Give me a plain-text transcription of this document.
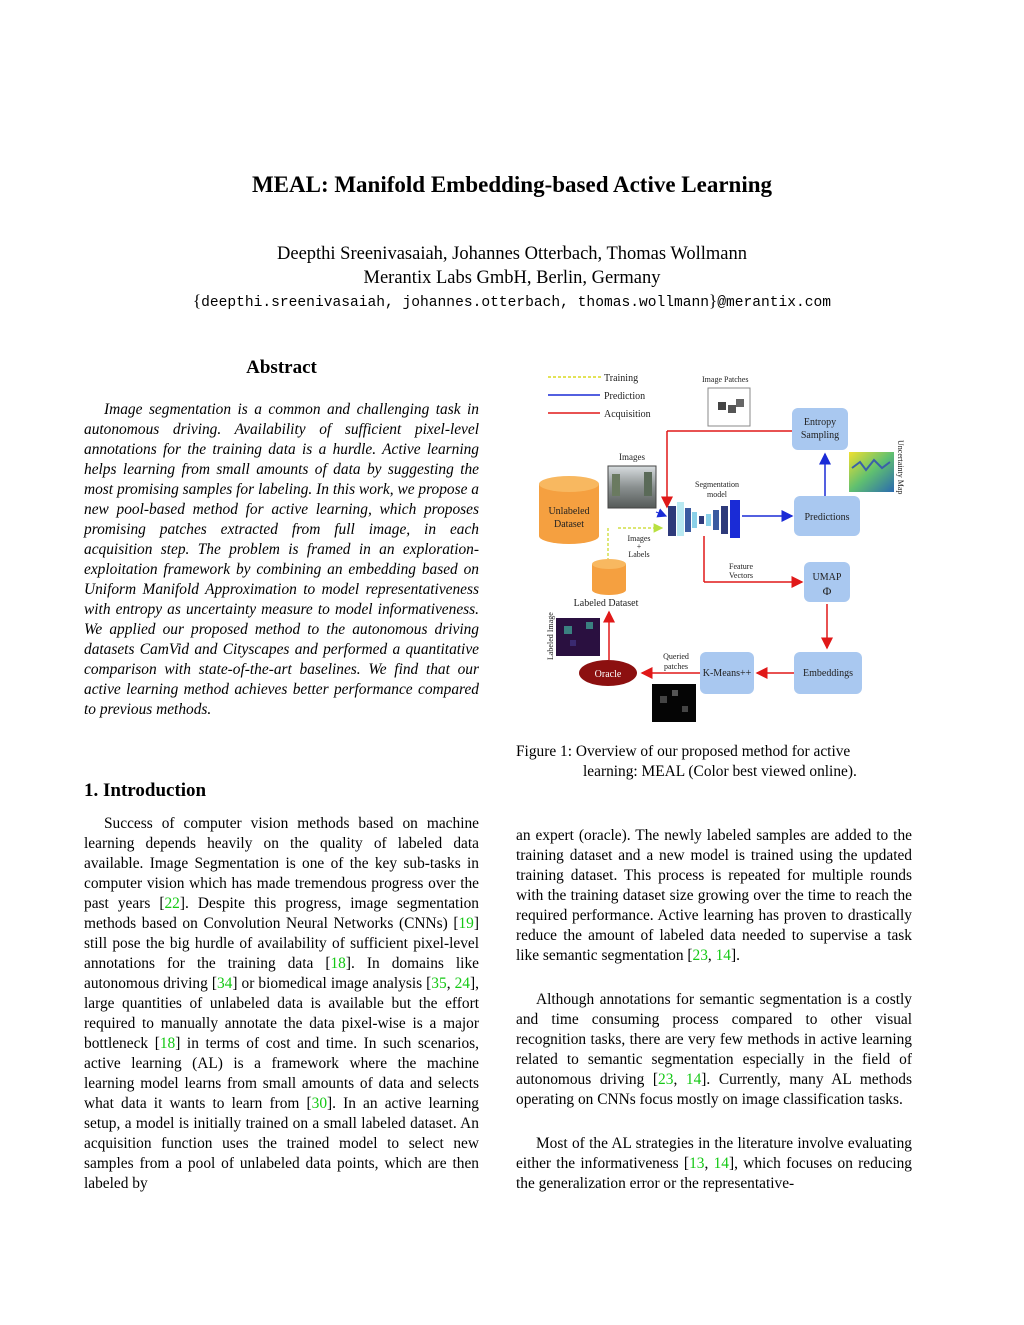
MEAL: Manifold Embedding-based Active Learning
Deepthi Sreenivasaiah, Johannes Otterbach, Thomas Wollmann
Merantix Labs GmbH, Berlin, Germany
{deepthi.sreenivasaiah, johannes.otterbach, thomas.wollmann}@merantix.com
Abstract

Image segmentation is a common and challenging task in autonomous driving. Availability of sufficient pixel-level annotations for the training data is a hurdle. Active learning helps learning from small amounts of data by suggesting the most promising samples for labeling. In this work, we propose a new pool-based method for active learning, which proposes promising patches extracted from full image, in each acquisition step. The problem is framed in an exploration-exploitation framework by combining an embedding based on Uniform Manifold Approximation to model representativeness with entropy as uncertainty measure to model informativeness. We applied our proposed method to the autonomous driving datasets CamVid and Cityscapes and performed a quantitative comparison with state-of-the-art baselines. We find that our active learning method achieves better performance compared to previous methods.

1. Introduction

Success of computer vision methods based on machine learning depends heavily on the quality of labeled data available. Image Segmentation is one of the key sub-tasks in computer vision which has made tremendous progress over the past years [22]. Despite this progress, image segmentation methods based on Convolution Neural Networks (CNNs) [19] still pose the big hurdle of availability of sufficient pixel-level annotations for the training data [18]. In domains like autonomous driving [34] or biomedical image analysis [35, 24], large quantities of unlabeled data is available but the effort required to manually annotate the data pixel-wise is a major bottleneck [18] in terms of cost and time. In such scenarios, active learning (AL) is a framework where the machine learning model learns from small amounts of data and selects what data it wants to learn from [30]. In an active learning setup, a model is initially trained on a small labeled dataset. An acquisition function uses the trained model to select new samples from a pool of unlabeled data points, which are then labeled by

an expert (oracle). The newly labeled samples are added to the training dataset and a new model is trained using the updated training dataset. This process is repeated for multiple rounds with the training dataset size growing over the time to reach the required performance. Active learning has proven to drastically reduce the amount of labeled data needed to supervise a task like semantic segmentation [23, 14].

Although annotations for semantic segmentation is a costly and time consuming process compared to other visual recognition tasks, there are very few methods in active learning related to semantic segmentation especially in the field of autonomous driving [23, 14]. Currently, many AL methods operating on CNNs focus mostly on image classification tasks.

Most of the AL strategies in the literature involve evaluating either the informativeness [13, 14], which focuses on reducing the generalization error or the representative-

Training
Prediction
Acquisition
Image Patches
Entropy
Sampling
Uncertainty Map
Unlabeled
Dataset
Images
Segmentation
model
Predictions
Images
+
Labels
Feature
Vectors	UMAP
Φ
Labeled Dataset
Labeled Image
Oracle
Queried
patches
K-Means++	Embeddings
Figure 1: Overview of our proposed method for active
learning: MEAL (Color best viewed online).
